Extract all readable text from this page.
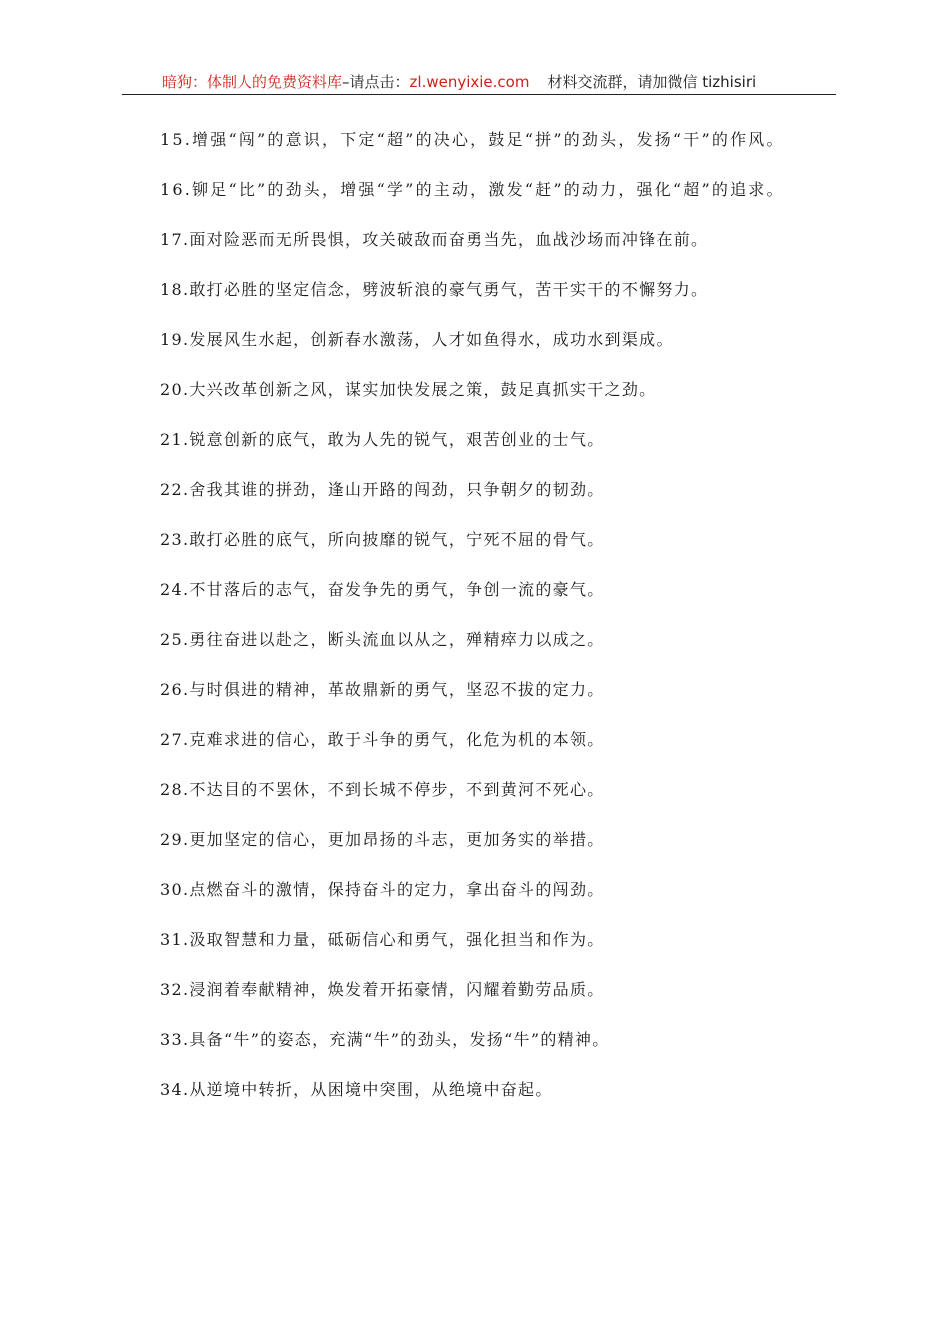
暗狗：体制人的免费资料库–请点击：zl.wenyixie.com 材料交流群，请加微信 tizhisiri

15.增强“闯”的意识，下定“超”的决心，鼓足“拼”的劲头，发扬“干”的作风。

16.铆足“比”的劲头，增强“学”的主动，激发“赶”的动力，强化“超”的追求。

17.面对险恶而无所畏惧，攻关破敌而奋勇当先，血战沙场而冲锋在前。

18.敢打必胜的坚定信念，劈波斩浪的豪气勇气，苦干实干的不懈努力。

19.发展风生水起，创新春水激荡，人才如鱼得水，成功水到渠成。

20.大兴改革创新之风，谋实加快发展之策，鼓足真抓实干之劲。

21.锐意创新的底气，敢为人先的锐气，艰苦创业的士气。

22.舍我其谁的拼劲，逢山开路的闯劲，只争朝夕的韧劲。

23.敢打必胜的底气，所向披靡的锐气，宁死不屈的骨气。

24.不甘落后的志气，奋发争先的勇气，争创一流的豪气。

25.勇往奋进以赴之，断头流血以从之，殚精瘁力以成之。

26.与时俱进的精神，革故鼎新的勇气，坚忍不拔的定力。

27.克难求进的信心，敢于斗争的勇气，化危为机的本领。

28.不达目的不罢休，不到长城不停步，不到黄河不死心。

29.更加坚定的信心，更加昂扬的斗志，更加务实的举措。

30.点燃奋斗的激情，保持奋斗的定力，拿出奋斗的闯劲。

31.汲取智慧和力量，砥砺信心和勇气，强化担当和作为。

32.浸润着奉献精神，焕发着开拓豪情，闪耀着勤劳品质。

33.具备“牛”的姿态，充满“牛”的劲头，发扬“牛”的精神。

34.从逆境中转折，从困境中突围，从绝境中奋起。
